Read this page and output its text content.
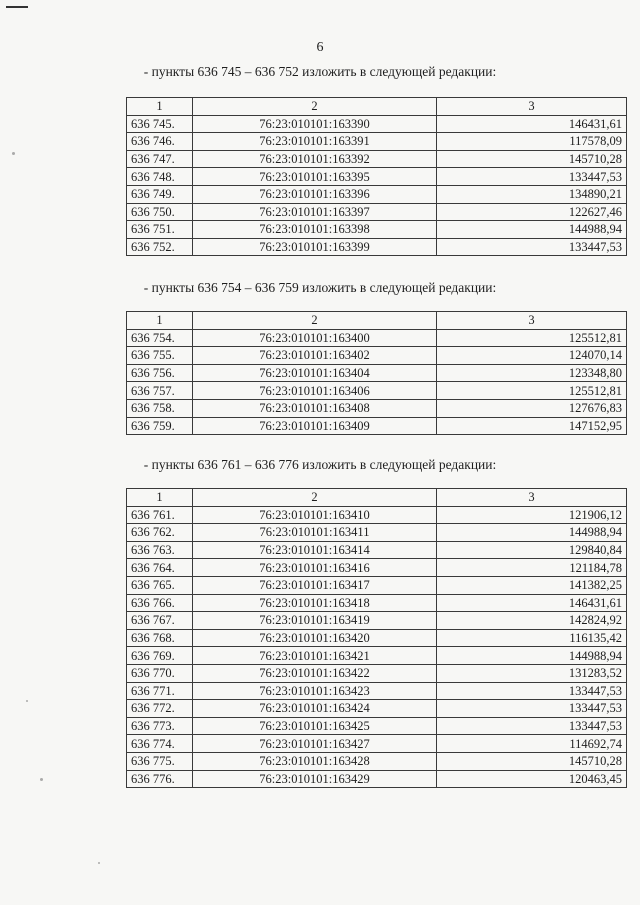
6
- пункты 636 745 – 636 752 изложить в следующей редакции:
1	2	3
636 745.	76:23:010101:163390	146431,61
636 746.	76:23:010101:163391	117578,09
636 747.	76:23:010101:163392	145710,28
636 748.	76:23:010101:163395	133447,53
636 749.	76:23:010101:163396	134890,21
636 750.	76:23:010101:163397	122627,46
636 751.	76:23:010101:163398	144988,94
636 752.	76:23:010101:163399	133447,53
- пункты 636 754 – 636 759 изложить в следующей редакции:
1	2	3
636 754.	76:23:010101:163400	125512,81
636 755.	76:23:010101:163402	124070,14
636 756.	76:23:010101:163404	123348,80
636 757.	76:23:010101:163406	125512,81
636 758.	76:23:010101:163408	127676,83
636 759.	76:23:010101:163409	147152,95
- пункты 636 761 – 636 776 изложить в следующей редакции:
1	2	3
636 761.	76:23:010101:163410	121906,12
636 762.	76:23:010101:163411	144988,94
636 763.	76:23:010101:163414	129840,84
636 764.	76:23:010101:163416	121184,78
636 765.	76:23:010101:163417	141382,25
636 766.	76:23:010101:163418	146431,61
636 767.	76:23:010101:163419	142824,92
636 768.	76:23:010101:163420	116135,42
636 769.	76:23:010101:163421	144988,94
636 770.	76:23:010101:163422	131283,52
636 771.	76:23:010101:163423	133447,53
636 772.	76:23:010101:163424	133447,53
636 773.	76:23:010101:163425	133447,53
636 774.	76:23:010101:163427	114692,74
636 775.	76:23:010101:163428	145710,28
636 776.	76:23:010101:163429	120463,45
